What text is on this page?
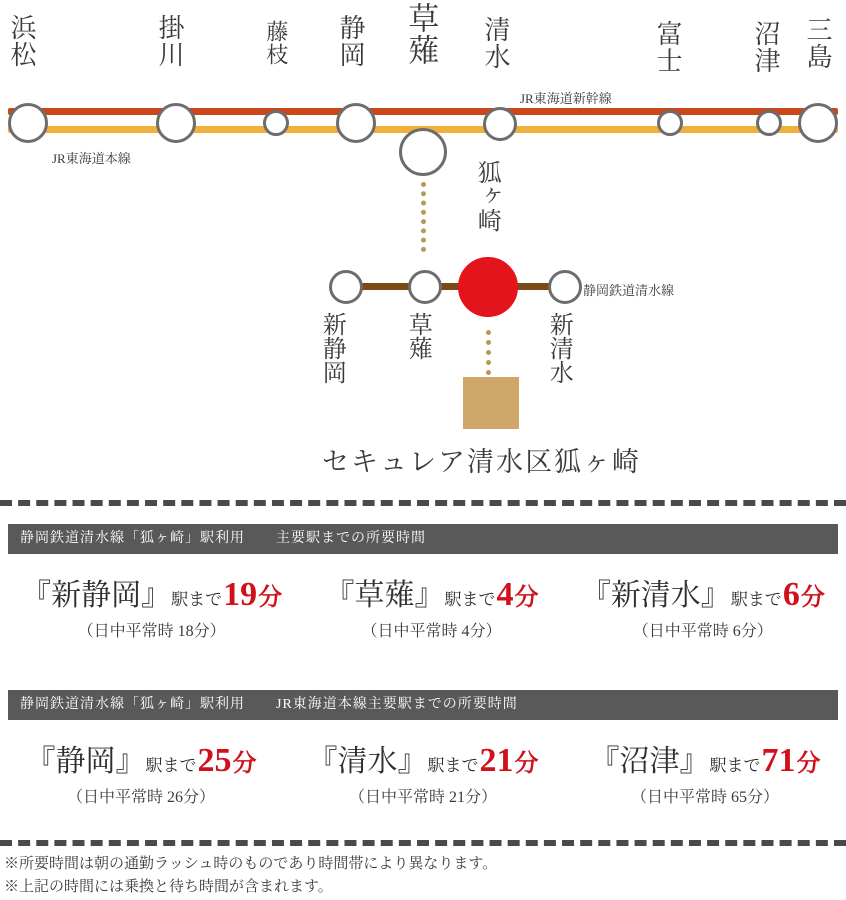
JR東海道新幹線
JR東海道本線
静岡鉄道清水線
浜松	掛川	藤枝 静岡 草薙 清水	富士	沼津 三島
狐ヶ崎
新静岡	草薙	新清水
セキュレア清水区狐ヶ崎
静岡鉄道清水線「狐ヶ崎」駅利用 主要駅までの所要時間
『新静岡』駅まで19分
（日中平常時 18分）
『草薙』駅まで4分
（日中平常時 4分）
『新清水』駅まで6分
（日中平常時 6分）
静岡鉄道清水線「狐ヶ崎」駅利用 JR東海道本線主要駅までの所要時間
『静岡』駅まで25分
（日中平常時 26分）
『清水』駅まで21分
（日中平常時 21分）
『沼津』駅まで71分
（日中平常時 65分）
※所要時間は朝の通勤ラッシュ時のものであり時間帯により異なります。
※上記の時間には乗換と待ち時間が含まれます。
